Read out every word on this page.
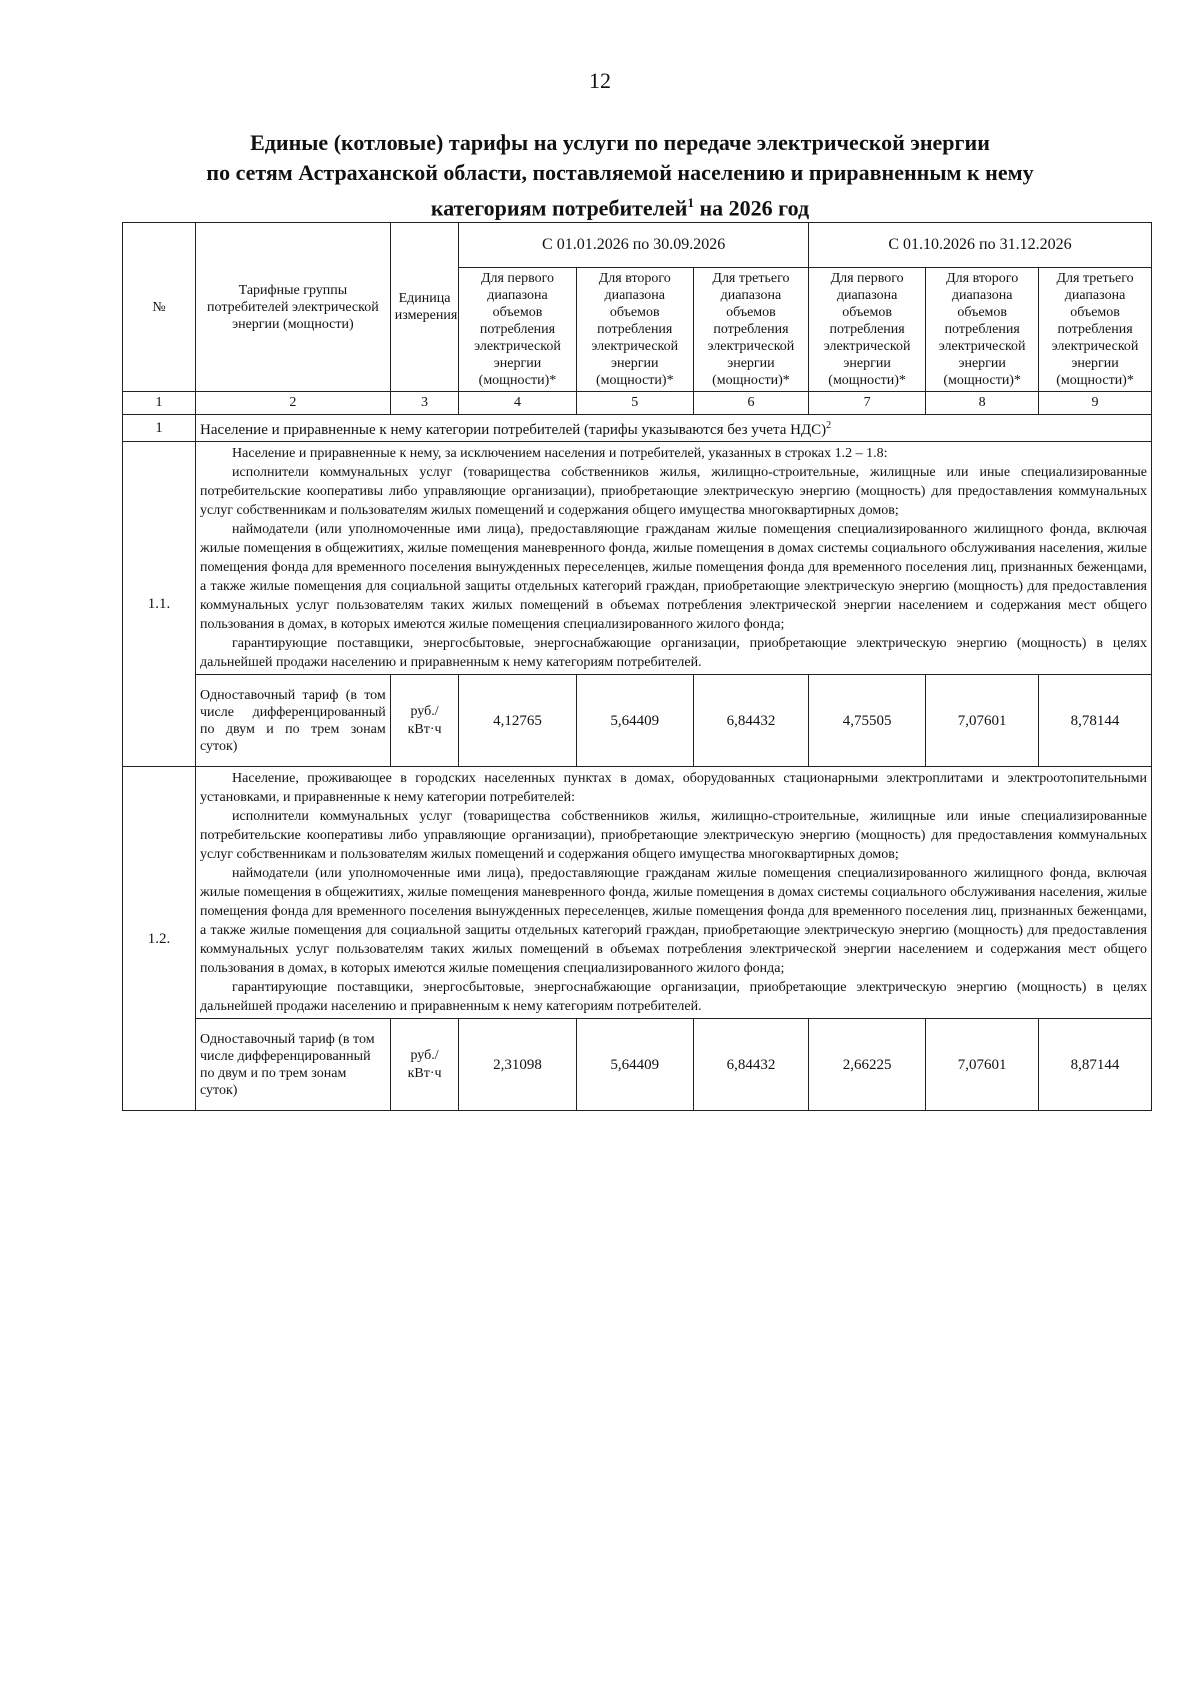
12
Единые (котловые) тарифы на услуги по передаче электрической энергии
по сетям Астраханской области, поставляемой населению и приравненным к нему
категориям потребителей$^1$ на 2026 год
№	Тарифные группы потребителей электрической энергии (мощности)	Единица измерения	С 01.01.2026 по 30.09.2026			С 01.10.2026 по 31.12.2026		
			Для первого диапазона объемов потребления электрической энергии (мощности)*	Для второго диапазона объемов потребления электрической энергии (мощности)*	Для третьего диапазона объемов потребления электрической энергии (мощности)*	Для первого диапазона объемов потребления электрической энергии (мощности)*	Для второго диапазона объемов потребления электрической энергии (мощности)*	Для третьего диапазона объемов потребления электрической энергии (мощности)*
1	2	3	4	5	6	7	8	9
1	Население и приравненные к нему категории потребителей (тарифы указываются без учета НДС)$^2$
1.1.	Население и приравненные к нему, за исключением населения и потребителей, указанных в строках 1.2 – 1.8:

исполнители коммунальных услуг (товарищества собственников жилья, жилищно-строительные, жилищные или иные специализированные потребительские кооперативы либо управляющие организации), приобретающие электрическую энергию (мощность) для предоставления коммунальных услуг собственникам и пользователям жилых помещений и содержания общего имущества многоквартирных домов;

наймодатели (или уполномоченные ими лица), предоставляющие гражданам жилые помещения специализированного жилищного фонда, включая жилые помещения в общежитиях, жилые помещения маневренного фонда, жилые помещения в домах системы социального обслуживания населения, жилые помещения фонда для временного поселения вынужденных переселенцев, жилые помещения фонда для временного поселения лиц, признанных беженцами, а также жилые помещения для социальной защиты отдельных категорий граждан, приобретающие электрическую энергию (мощность) для предоставления коммунальных услуг пользователям таких жилых помещений в объемах потребления электрической энергии населением и содержания мест общего пользования в домах, в которых имеются жилые помещения специализированного жилого фонда;

гарантирующие поставщики, энергосбытовые, энергоснабжающие организации, приобретающие электрическую энергию (мощность) в целях дальнейшей продажи населению и приравненным к нему категориям потребителей.							

	Одноставочный тариф (в том числе дифференцированный по двум и по трем зонам суток)	руб./ кВт·ч	4,12765	5,64409	6,84432	4,75505	7,07601	8,78144
1.2.	Население, проживающее в городских населенных пунктах в домах, оборудованных стационарными электроплитами и электроотопительными установками, и приравненные к нему категории потребителей:

исполнители коммунальных услуг (товарищества собственников жилья, жилищно-строительные, жилищные или иные специализированные потребительские кооперативы либо управляющие организации), приобретающие электрическую энергию (мощность) для предоставления коммунальных услуг собственникам и пользователям жилых помещений и содержания общего имущества многоквартирных домов;

наймодатели (или уполномоченные ими лица), предоставляющие гражданам жилые помещения специализированного жилищного фонда, включая жилые помещения в общежитиях, жилые помещения маневренного фонда, жилые помещения в домах системы социального обслуживания населения, жилые помещения фонда для временного поселения вынужденных переселенцев, жилые помещения фонда для временного поселения лиц, признанных беженцами, а также жилые помещения для социальной защиты отдельных категорий граждан, приобретающие электрическую энергию (мощность) для предоставления коммунальных услуг пользователям таких жилых помещений в объемах потребления электрической энергии населением и содержания мест общего пользования в домах, в которых имеются жилые помещения специализированного жилого фонда;

гарантирующие поставщики, энергосбытовые, энергоснабжающие организации, приобретающие электрическую энергию (мощность) в целях дальнейшей продажи населению и приравненным к нему категориям потребителей.							

	Одноставочный тариф (в том числе дифференцированный по двум и по трем зонам суток)	руб./ кВт·ч	2,31098	5,64409	6,84432	2,66225	7,07601	8,87144
